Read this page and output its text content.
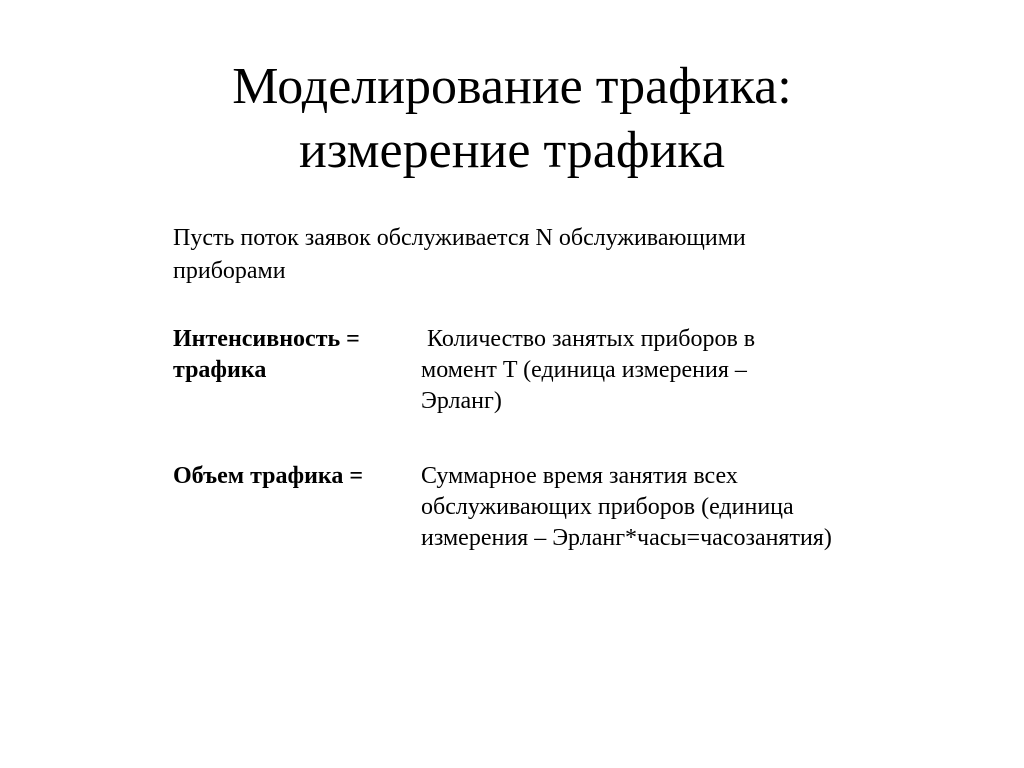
Моделирование трафика:
измерение трафика
Пусть поток заявок обслуживается N обслуживающими
приборами
Интенсивность =
трафика
Количество занятых приборов в
момент T (единица измерения –
Эрланг)
Объем трафика = Суммарное время занятия всех
обслуживающих приборов (единица
измерения – Эрланг*часы=часозанятия)
